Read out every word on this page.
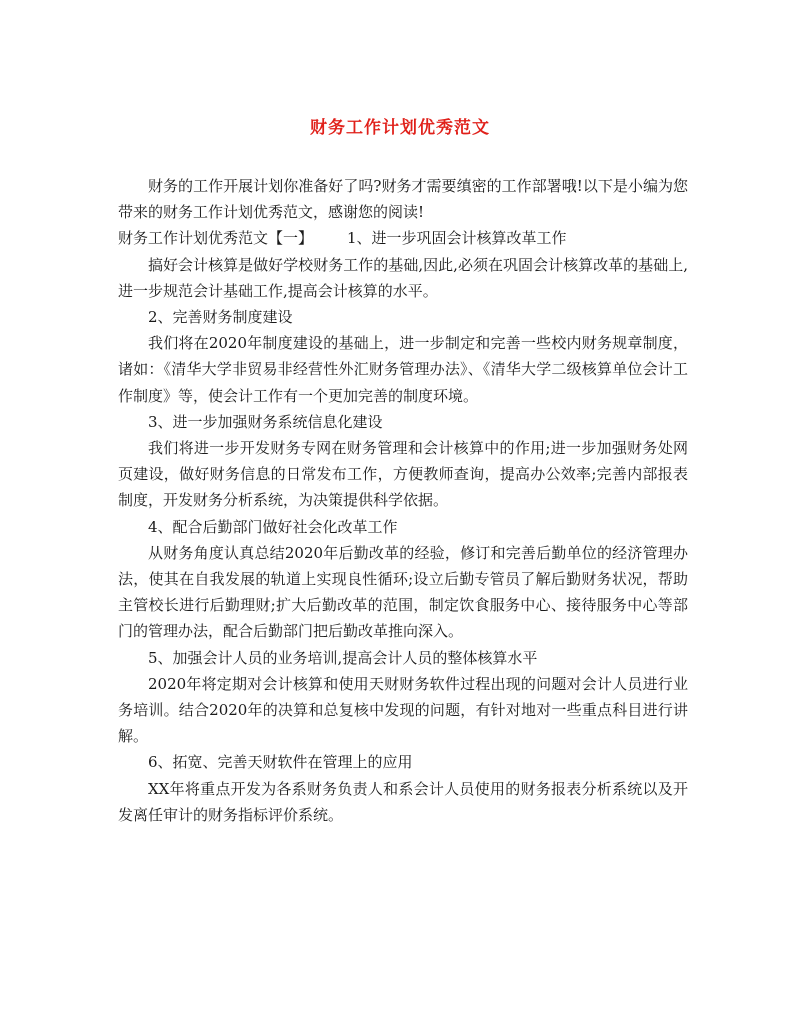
财务工作计划优秀范文

财务的工作开展计划你准备好了吗?财务才需要缜密的工作部署哦!以下是小编为您带来的财务工作计划优秀范文，感谢您的阅读!

财务工作计划优秀范文【一】 1、进一步巩固会计核算改革工作

搞好会计核算是做好学校财务工作的基础,因此,必须在巩固会计核算改革的基础上,进一步规范会计基础工作,提高会计核算的水平。

2、完善财务制度建设

我们将在2020年制度建设的基础上，进一步制定和完善一些校内财务规章制度，诸如：《清华大学非贸易非经营性外汇财务管理办法》、《清华大学二级核算单位会计工作制度》等，使会计工作有一个更加完善的制度环境。

3、进一步加强财务系统信息化建设

我们将进一步开发财务专网在财务管理和会计核算中的作用;进一步加强财务处网页建设，做好财务信息的日常发布工作，方便教师查询，提高办公效率;完善内部报表制度，开发财务分析系统，为决策提供科学依据。

4、配合后勤部门做好社会化改革工作

从财务角度认真总结2020年后勤改革的经验，修订和完善后勤单位的经济管理办法，使其在自我发展的轨道上实现良性循环;设立后勤专管员了解后勤财务状况，帮助主管校长进行后勤理财;扩大后勤改革的范围，制定饮食服务中心、接待服务中心等部门的管理办法，配合后勤部门把后勤改革推向深入。

5、加强会计人员的业务培训,提高会计人员的整体核算水平

2020年将定期对会计核算和使用天财财务软件过程出现的问题对会计人员进行业务培训。结合2020年的决算和总复核中发现的问题，有针对地对一些重点科目进行讲解。

6、拓宽、完善天财软件在管理上的应用

XX年将重点开发为各系财务负责人和系会计人员使用的财务报表分析系统以及开发离任审计的财务指标评价系统。
